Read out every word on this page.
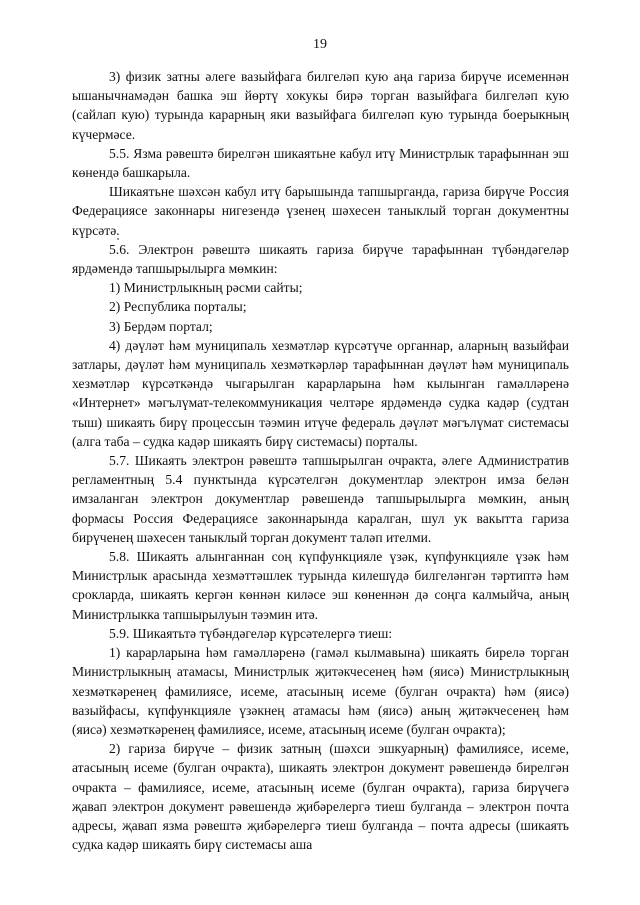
19

3) физик затны әлеге вазыйфага билгеләп кую аңа гариза бирүче исеменнән ышанычнамәдән башка эш йөртү хокукы бирә торган вазыйфага билгеләп кую (сайлап кую) турында карарның яки вазыйфага билгеләп кую турында боерыкның күчермәсе.

5.5. Язма рәвештә бирелгән шикаятьне кабул итү Министрлык тарафыннан эш көнендә башкарыла.

Шикаятьне шәхсән кабул итү барышында тапшырганда, гариза бирүче Россия Федерациясе законнары нигезендә үзенең шәхесен таныклый торган документны күрсәтә.

5.6. Электрон рәвештә шикаять гариза бирүче тарафыннан түбәндәгеләр ярдәмендә тапшырылырга мөмкин:

1) Министрлыкның рәсми сайты;

2) Республика порталы;

3) Бердәм портал;

4) дәүләт һәм муниципаль хезмәтләр күрсәтүче органнар, аларның вазыйфаи затлары, дәүләт һәм муниципаль хезмәткәрләр тарафыннан дәүләт һәм муниципаль хезмәтләр күрсәткәндә чыгарылган карарларына һәм кылынган гамәлләренә «Интернет» мәгълүмат-телекоммуникация челтәре ярдәмендә судка кадәр (судтан тыш) шикаять бирү процессын тәэмин итүче федераль дәүләт мәгълүмат системасы (алга таба – судка кадәр шикаять бирү системасы) порталы.

5.7. Шикаять электрон рәвештә тапшырылган очракта, әлеге Административ регламентның 5.4 пунктында күрсәтелгән документлар электрон имза белән имзаланган электрон документлар рәвешендә тапшырылырга мөмкин, аның формасы Россия Федерациясе законнарында каралган, шул ук вакытта гариза бирүченең шәхесен таныклый торган документ таләп ителми.

5.8. Шикаять алынганнан соң күпфункцияле үзәк, күпфункцияле үзәк һәм Министрлык арасында хезмәттәшлек турында килешүдә билгеләнгән тәртиптә һәм срокларда, шикаять кергән көннән киләсе эш көненнән дә соңга калмыйча, аның Министрлыкка тапшырылуын тәэмин итә.

5.9. Шикаятьтә түбәндәгеләр күрсәтелергә тиеш:

1) карарларына һәм гамәлләренә (гамәл кылмавына) шикаять бирелә торган Министрлыкның атамасы, Министрлык җитәкчесенең һәм (яисә) Министрлыкның хезмәткәренең фамилиясе, исеме, атасының исеме (булган очракта) һәм (яисә) вазыйфасы, күпфункцияле үзәкнең атамасы һәм (яисә) аның җитәкчесенең һәм (яисә) хезмәткәренең фамилиясе, исеме, атасының исеме (булган очракта);

2) гариза бирүче – физик затның (шәхси эшкуарның) фамилиясе, исеме, атасының исеме (булган очракта), шикаять электрон документ рәвешендә бирелгән очракта – фамилиясе, исеме, атасының исеме (булган очракта), гариза бирүчегә җавап электрон документ рәвешендә җибәрелергә тиеш булганда – электрон почта адресы, җавап язма рәвештә җибәрелергә тиеш булганда – почта адресы (шикаять судка кадәр шикаять бирү системасы аша
